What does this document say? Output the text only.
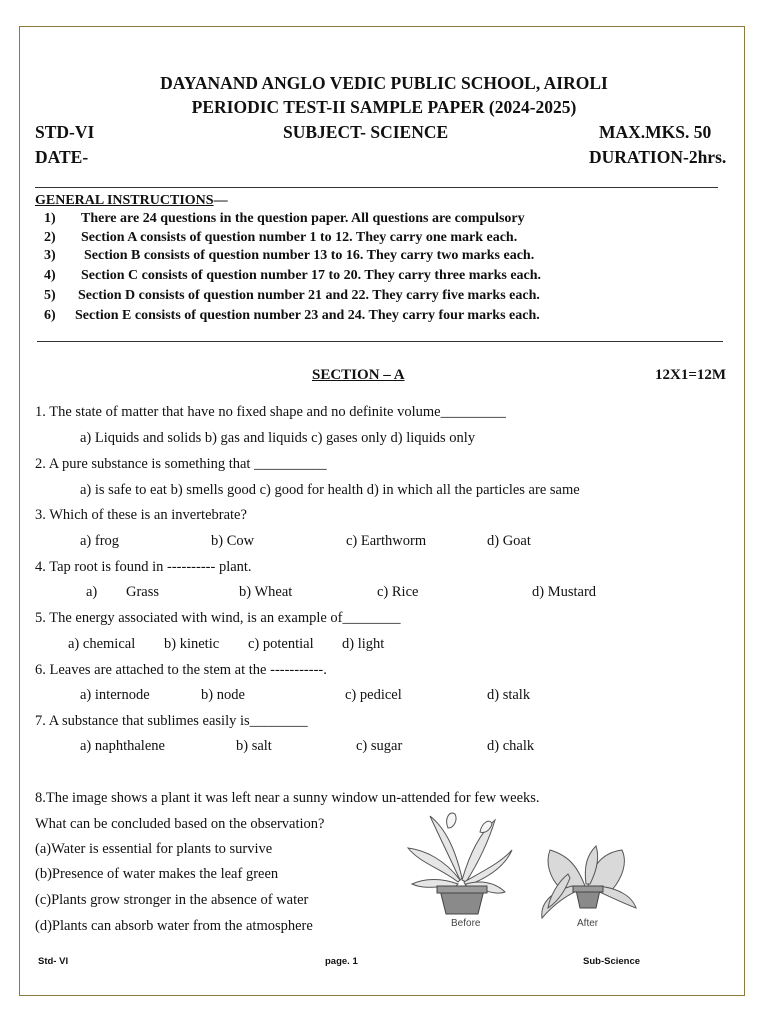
DAYANAND ANGLO VEDIC PUBLIC SCHOOL, AIROLI
PERIODIC TEST-II SAMPLE PAPER (2024-2025)
STD-VI	SUBJECT- SCIENCE	MAX.MKS. 50
DATE-	DURATION-2hrs.
GENERAL INSTRUCTIONS—
1) There are 24 questions in the question paper. All questions are compulsory
2) Section A consists of question number 1 to 12. They carry one mark each.
3) Section B consists of question number 13 to 16. They carry two marks each.
4) Section C consists of question number 17 to 20. They carry three marks each.
5) Section D consists of question number 21 and 22. They carry five marks each.
6) Section E consists of question number 23 and 24. They carry four marks each.
SECTION – A	12X1=12M
1. The state of matter that have no fixed shape and no definite volume_________
a) Liquids and solids b) gas and liquids c) gases only d) liquids only
2. A pure substance is something that __________
a) is safe to eat b) smells good c) good for health d) in which all the particles are same
3. Which of these is an invertebrate?
a) frog	b) Cow	c) Earthworm	d) Goat
4. Tap root is found in ---------- plant.
a) Grass	b) Wheat	c) Rice	d) Mustard
5. The energy associated with wind, is an example of________
a) chemical b) kinetic c) potential d) light
6. Leaves are attached to the stem at the -----------.
a) internode	b) node	c) pedicel	d) stalk
7. A substance that sublimes easily is________
a) naphthalene	b) salt	c) sugar	d) chalk
8.The image shows a plant it was left near a sunny window un-attended for few weeks.
What can be concluded based on the observation?
(a)Water is essential for plants to survive
(b)Presence of water makes the leaf green
(c)Plants grow stronger in the absence of water
(d)Plants can absorb water from the atmosphere	Before	After
Std- VI	page. 1	Sub-Science
